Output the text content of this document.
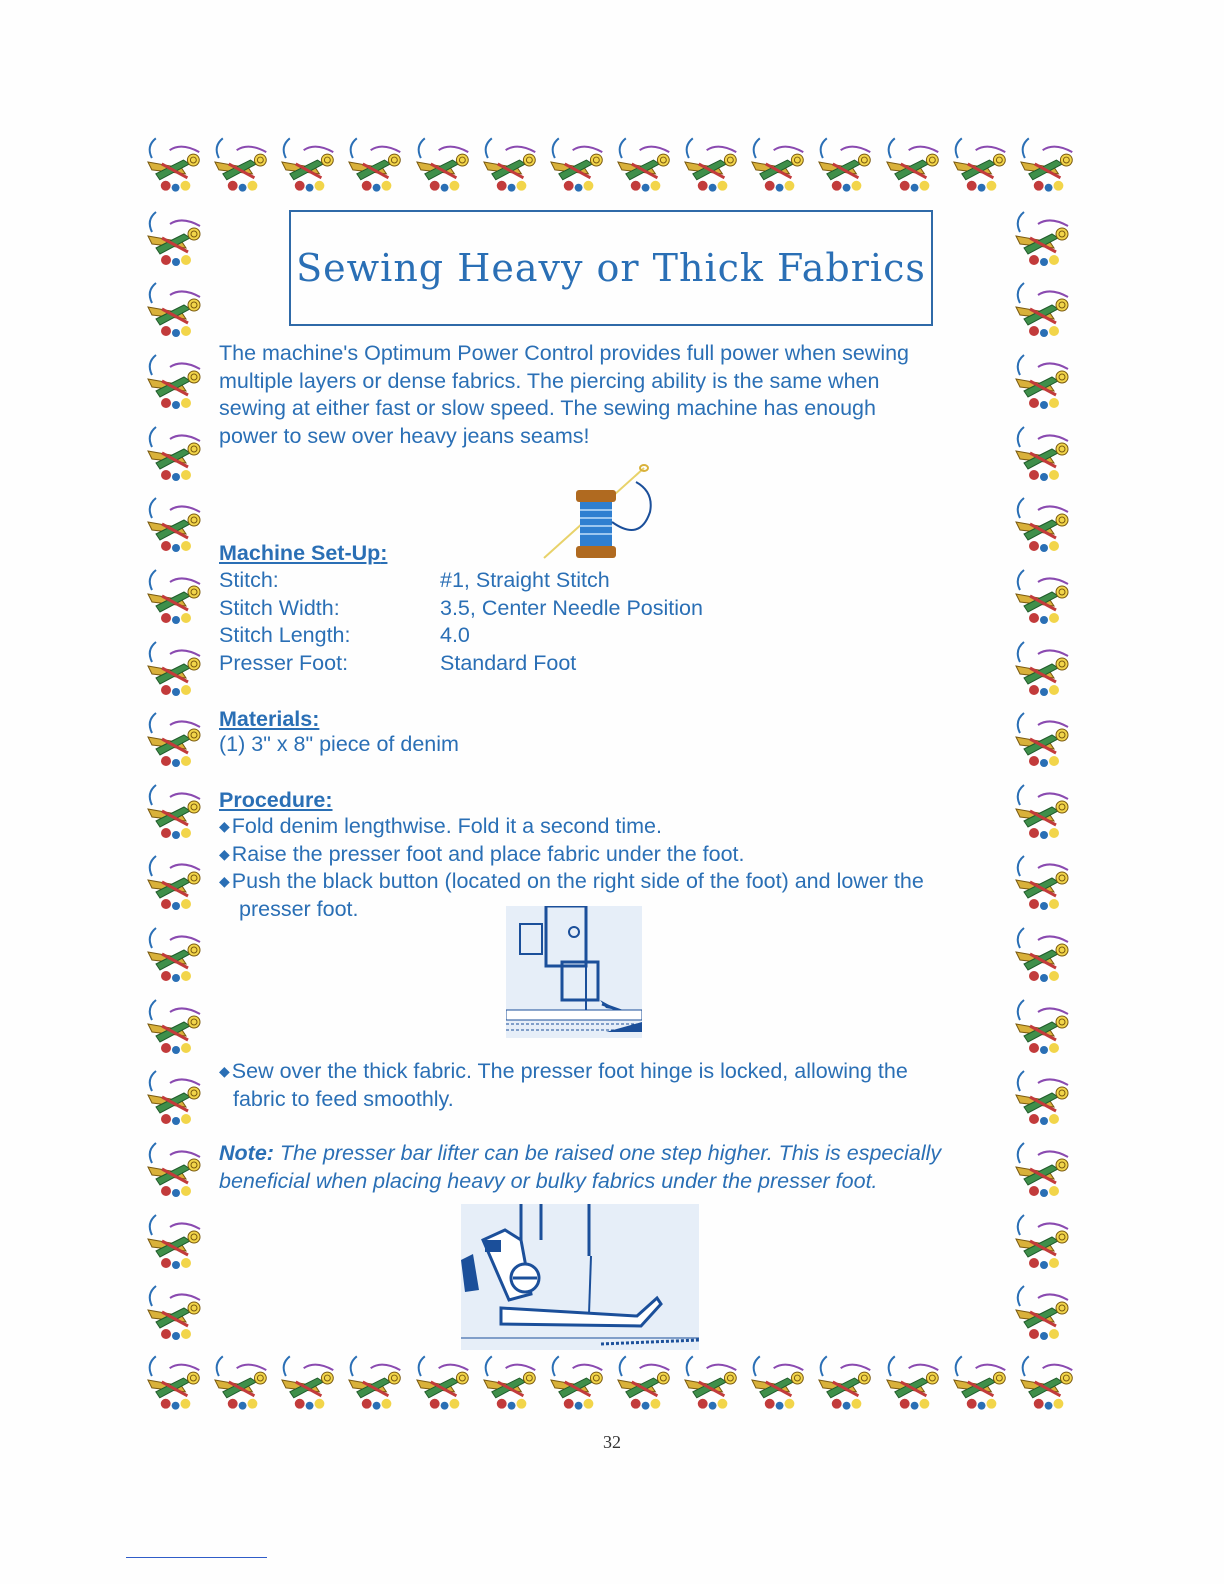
Sewing Heavy or Thick Fabrics

The machine's Optimum Power Control provides full power when sewing
multiple layers or dense fabrics. The piercing ability is the same when
sewing at either fast or slow speed. The sewing machine has enough
power to sew over heavy jeans seams!

Machine Set-Up:

Stitch:	#1, Straight Stitch
Stitch Width:	3.5, Center Needle Position
Stitch Length:	4.0
Presser Foot:	Standard Foot

Materials:

(1) 3" x 8" piece of denim

Procedure:

◆Fold denim lengthwise. Fold it a second time.
◆Raise the presser foot and place fabric under the foot.
◆Push the black button (located on the right side of the foot) and lower the
presser foot.

◆Sew over the thick fabric. The presser foot hinge is locked, allowing the
fabric to feed smoothly.

Note: The presser bar lifter can be raised one step higher. This is especially beneficial when placing heavy or bulky fabrics under the presser foot.

32
